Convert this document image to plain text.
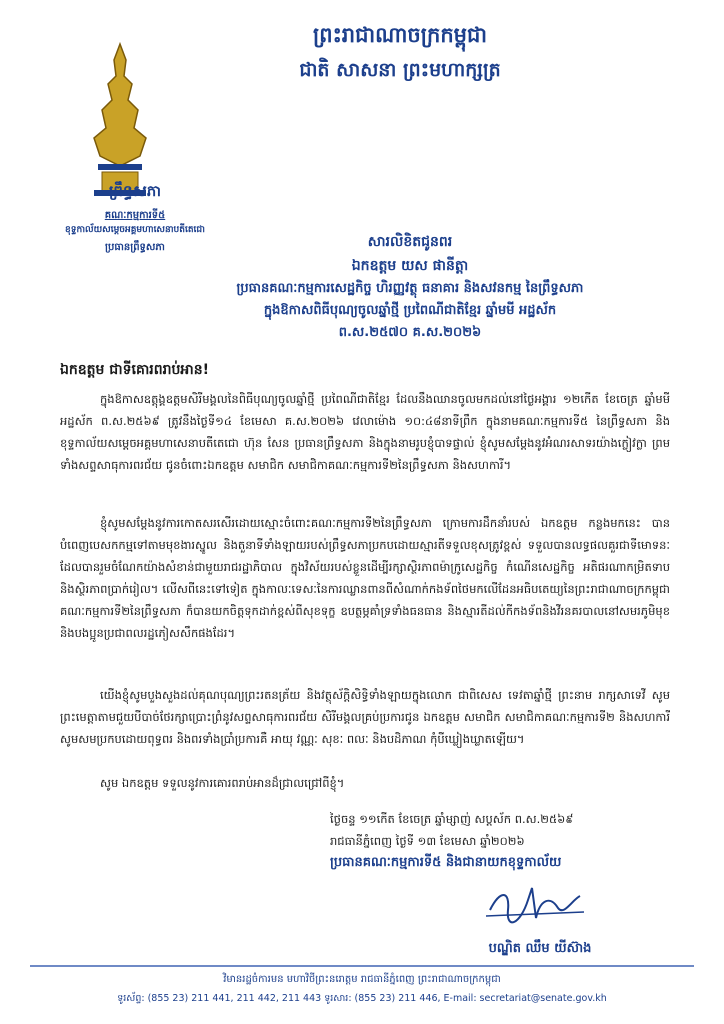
ព្រះរាជាណាចក្រកម្ពុជា
ជាតិ សាសនា ព្រះមហាក្សត្រ
ព្រឹទ្ធសភា
គណៈកម្មការទី៥
ខុទ្ទកាល័យសម្តេចអគ្គមហាសេនាបតីតេជោ
ប្រធានព្រឹទ្ធសភា	សារលិខិតជូនពរ
ឯកឧត្តម យស ផានីត្តា
ប្រធានគណៈកម្មការសេដ្ឋកិច្ច ហិរញ្ញវត្ថុ ធនាគារ និងសវនកម្ម នៃព្រឹទ្ធសភា
ក្នុងឱកាសពិធីបុណ្យចូលឆ្នាំថ្មី ប្រពៃណីជាតិខ្មែរ ឆ្នាំមមី អដ្ឋស័ក
ព.ស.២៥៧០ គ.ស.២០២៦
ឯកឧត្តម ជាទីគោរពរាប់អាន!
ក្នុងឱកាសឧត្តុង្គឧត្តមសិរីមង្គលនៃពិធីបុណ្យចូលឆ្នាំថ្មី ប្រពៃណីជាតិខ្មែរ ដែលនឹងឈានចូលមកដល់នៅថ្ងៃអង្គារ ១២កើត ខែចេត្រ ឆ្នាំមមី អដ្ឋស័ក ព.ស.២៥៦៩ ត្រូវនឹងថ្ងៃទី១៤ ខែមេសា គ.ស.២០២៦ វេលាម៉ោង ១០:៤៨នាទីព្រឹក ក្នុងនាមគណៈកម្មការទី៥ នៃព្រឹទ្ធសភា និងខុទ្ទកាល័យសម្តេចអគ្គមហាសេនាបតីតេជោ ហ៊ុន សែន ប្រធានព្រឹទ្ធសភា និងក្នុងនាមរូបខ្ញុំបាទផ្ទាល់ ខ្ញុំសូមសម្តែងនូវអំណរសាទរយ៉ាងក្លៀវក្លា ព្រមទាំងសព្ទសាធុការពរជ័យ ជូនចំពោះឯកឧត្តម សមាជិក សមាជិកាគណៈកម្មការទី២នៃព្រឹទ្ធសភា និងសហការី។
ខ្ញុំសូមសម្តែងនូវការកោតសរសើរដោយស្មោះចំពោះគណៈកម្មការទី២នៃព្រឹទ្ធសភា ក្រោមការដឹកនាំរបស់ ឯកឧត្តម កន្លងមកនេះ បានបំពេញបេសកកម្មទៅតាមមុខងារស្នូល និងតួនាទីទាំងឡាយរបស់ព្រឹទ្ធសភាប្រកបដោយស្មារតីទទួលខុសត្រូវខ្ពស់ ទទួលបានលទ្ធផលគួរជាទីមោទនៈដែលបានរួមចំណែកយ៉ាងសំខាន់ជាមួយរាជរដ្ឋាភិបាល ក្នុងវិស័យរបស់ខ្លួនដើម្បីរក្សាស្ថិរភាពម៉ាក្រូសេដ្ឋកិច្ច កំណើនសេដ្ឋកិច្ច អតិផរណាកម្រិតទាប និងស្ថិរភាពប្រាក់រៀល។ លើសពីនេះទៅទៀត ក្នុងកាលៈទេសៈនៃការឈ្លានពានពីសំណាក់កងទ័ពថៃមកលើដែនអធិបតេយ្យនៃព្រះរាជាណាចក្រកម្ពុជា គណៈកម្មការទី២នៃព្រឹទ្ធសភា ក៏បានយកចិត្តទុកដាក់ខ្ពស់ពីសុខទុក្ខ ឧបត្ថម្ភគាំទ្រទាំងធនធាន និងស្មារតីដល់កីកងទ័ពនិងវីរនគរបាលនៅសមរភូមិមុខ និងបងប្អូនប្រជាពលរដ្ឋភៀសសឹកផងដែរ។
យើងខ្ញុំសូមបួងសួងដល់គុណបុណ្យព្រះរតនត្រ័យ និងវត្ថុស័ក្តិសិទ្ធិទាំងឡាយក្នុងលោក ជាពិសេស ទេវតាឆ្នាំថ្មី ព្រះនាម រាក្សសាទេវី សូមព្រះមេត្តាតាមជួយបីបាច់ថែរក្សាប្រោះព្រំនូវសព្ទសាធុការពរជ័យ សិរីមង្គលគ្រប់ប្រការជូន ឯកឧត្តម សមាជិក សមាជិកាគណៈកម្មការទី២ និងសហការី សូមសមប្រកបដោយពុទ្ធពរ និងពរទាំងប្រាំប្រការគឺ អាយុ វណ្ណៈ សុខៈ ពលៈ និងបដិភាណ កុំបីឃ្លៀងឃ្លាតឡើយ។
សូម ឯកឧត្តម ទទួលនូវការគោរពរាប់អានដ៏ជ្រាលជ្រៅពីខ្ញុំ។
ថ្ងៃចន្ទ ១១កើត ខែចេត្រ ឆ្នាំម្សាញ់ សប្តស័ក ព.ស.២៥៦៩
រាជធានីភ្នំពេញ ថ្ងៃទី ១៣ ខែមេសា ឆ្នាំ២០២៦
ប្រធានគណៈកម្មការទី៥ និងជានាយកខុទ្ទកាល័យ
បណ្ឌិត ឈឹម យីស៊ាង
វិមានរដ្ឋចំការមន មហាវិថីព្រះនរោត្តម រាជធានីភ្នំពេញ ព្រះរាជាណាចក្រកម្ពុជា
ទូរស័ព្ទ: (855 23) 211 441, 211 442, 211 443 ទូរសារ: (855 23) 211 446, E-mail: secretariat@senate.gov.kh
